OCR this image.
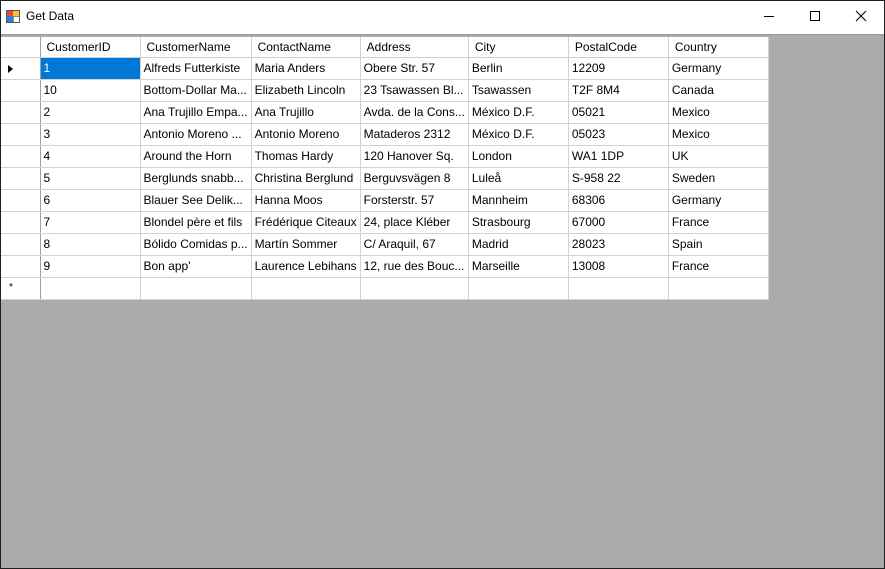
Get Data
	CustomerID	CustomerName	ContactName	Address	City	PostalCode	Country

	1	Alfreds Futterkiste	Maria Anders	Obere Str. 57	Berlin	12209	Germany
	10	Bottom-Dollar Ma...	Elizabeth Lincoln	23 Tsawassen Bl...	Tsawassen	T2F 8M4	Canada
	2	Ana Trujillo Empa...	Ana Trujillo	Avda. de la Cons...	México D.F.	05021	Mexico
	3	Antonio Moreno ...	Antonio Moreno	Mataderos 2312	México D.F.	05023	Mexico
	4	Around the Horn	Thomas Hardy	120 Hanover Sq.	London	WA1 1DP	UK
	5	Berglunds snabb...	Christina Berglund	Berguvsvägen 8	Luleå	S-958 22	Sweden
	6	Blauer See Delik...	Hanna Moos	Forsterstr. 57	Mannheim	68306	Germany
	7	Blondel père et fils	Frédérique Citeaux	24, place Kléber	Strasbourg	67000	France
	8	Bólido Comidas p...	Martín Sommer	C/ Araquil, 67	Madrid	28023	Spain
	9	Bon app'	Laurence Lebihans	12, rue des Bouc...	Marseille	13008	France

*							
